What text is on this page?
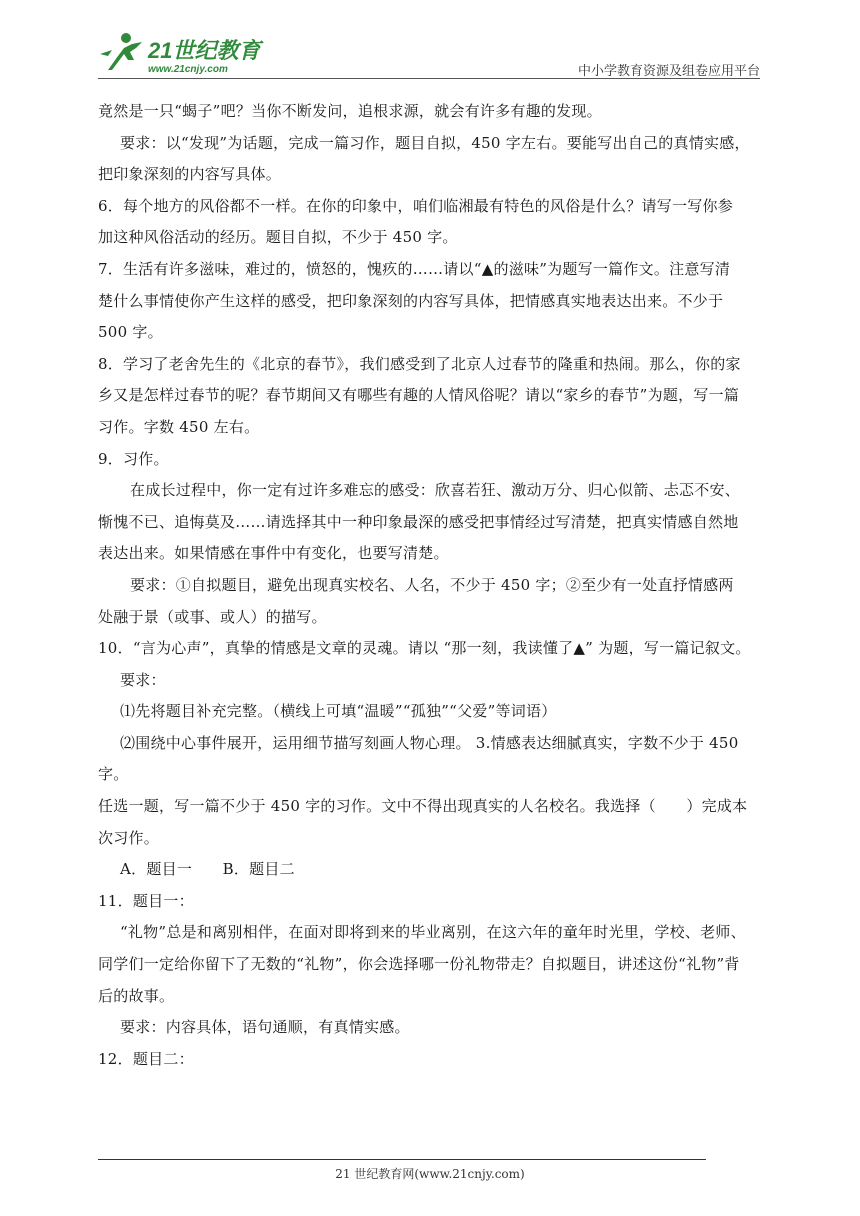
21世纪教育
www.21cnjy.com	中小学教育资源及组卷应用平台

竟然是一只“蝎子”吧？当你不断发问，追根求源，就会有许多有趣的发现。

要求：以“发现”为话题，完成一篇习作，题目自拟，450 字左右。要能写出自己的真情实感，

把印象深刻的内容写具体。

6．每个地方的风俗都不一样。在你的印象中，咱们临湘最有特色的风俗是什么？请写一写你参

加这种风俗活动的经历。题目自拟，不少于 450 字。

7．生活有许多滋味，难过的，愤怒的，愧疚的……请以“▲的滋味”为题写一篇作文。注意写清

楚什么事情使你产生这样的感受，把印象深刻的内容写具体，把情感真实地表达出来。不少于

500 字。

8．学习了老舍先生的《北京的春节》，我们感受到了北京人过春节的隆重和热闹。那么，你的家

乡又是怎样过春节的呢？春节期间又有哪些有趣的人情风俗呢？请以“家乡的春节”为题，写一篇

习作。字数 450 左右。

9．习作。

在成长过程中，你一定有过许多难忘的感受：欣喜若狂、激动万分、归心似箭、忐忑不安、

惭愧不已、追悔莫及……请选择其中一种印象最深的感受把事情经过写清楚，把真实情感自然地

表达出来。如果情感在事件中有变化，也要写清楚。

要求：①自拟题目，避免出现真实校名、人名，不少于 450 字；②至少有一处直抒情感两

处融于景（或事、或人）的描写。

10．“言为心声”，真挚的情感是文章的灵魂。请以 “那一刻，我读懂了▲” 为题，写一篇记叙文。

要求：

⑴先将题目补充完整。（横线上可填“温暖”“孤独”“父爱”等词语）

⑵围绕中心事件展开，运用细节描写刻画人物心理。 3.情感表达细腻真实，字数不少于 450

字。

任选一题，写一篇不少于 450 字的习作。文中不得出现真实的人名校名。我选择（　　）完成本

次习作。

A．题目一　　B．题目二

11．题目一：

“礼物”总是和离别相伴，在面对即将到来的毕业离别，在这六年的童年时光里，学校、老师、

同学们一定给你留下了无数的“礼物”，你会选择哪一份礼物带走？自拟题目，讲述这份“礼物”背

后的故事。

要求：内容具体，语句通顺，有真情实感。

12．题目二：

21 世纪教育网(www.21cnjy.com)
